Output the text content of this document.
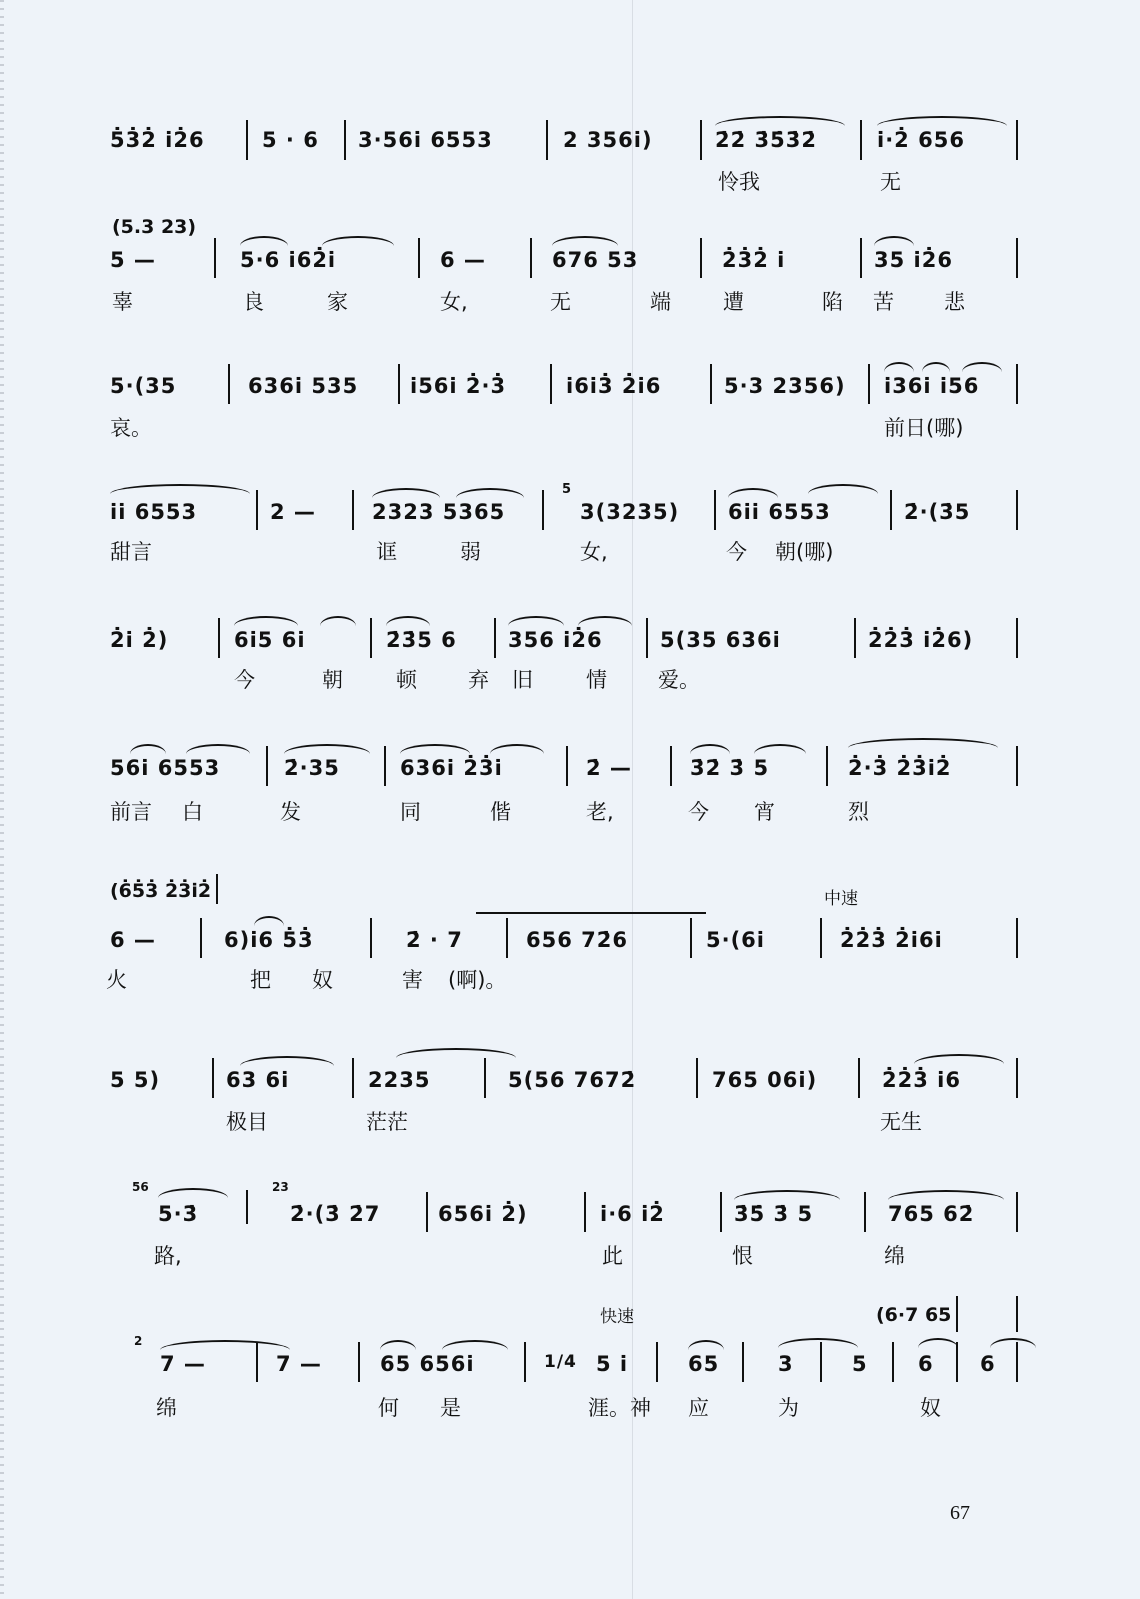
5̇3̇2̇ i̇2̇6	5 · 6 3·56i̇ 6553	2 356i̇)	2̇2̇ 3̇5̇3̇2̇	i̇·2̇ 656
怜我	无
(5.3 23)
5 —	5·6 i̇62̇i̇	6 —	676 53	2̇3̇2̇ i̇	35 i̇2̇6
辜	良	家	女,	无	端 遭	陷 苦 悲
5·(35	636i̇ 535 i̇56i̇ 2̇·3̇	i̇6i̇3̇ 2̇i̇6	5·3 2356) i̇36i̇ i̇56
哀。	前日(哪)
5
i̇i̇ 6553	2 —	2323 5365	3(3235) 6i̇i̇ 6553	2̇·(3̇5
甜言	诓	弱	女,	今 朝(哪)
2̇i̇ 2̇)	6i̇5 6i̇	2̇3̇5 6 356 i̇2̇6	5(35 636i̇	2̇2̇3̇ i̇2̇6)
今	朝	顿 弃 旧	情 爱。
56i̇ 6553	2̇·35	636i̇ 2̇3̇i̇	2̇ —	3̇2̇ 3̇ 5	2̇·3̇ 2̇3̇i̇2̇
前言 白	发	同	偕	老,	今 宵	烈
(6̇5̇3̇ 2̇3̇i̇2̇	中速
6 —	6)i̇6 5̇3̇	2̇ · 7	656 72̇6	5·(6i̇	2̇2̇3̇ 2̇i̇6i̇
火	把 奴	害 (啊)。
5 5)	63 6i̇	2235	5(56 7672̇	765 06i̇)	2̇2̇3̇ i̇6
极目	茫茫	无生
56	23
5·3̇	2̇·(3̇ 2̇7	656i̇ 2̇)	i̇·6 i̇2̇	3̇5̇ 3̇ 5	765 62̇
路,	此	恨	绵
快速	(6·7 65
2
7 —	7 —	65 656i̇	1/4 5 i̇	65	3	5 6 6
绵	何 是	涯。 神 应	为	奴
67
